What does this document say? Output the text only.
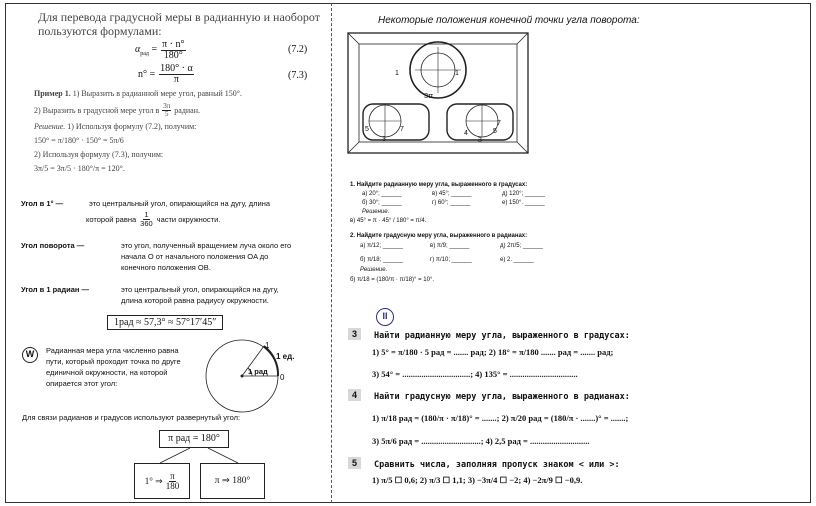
Для перевода градусной меры в радианную и наоборот
пользуются формулами:
$\alpha_{рад} = \frac{\pi \cdot n^\circ}{180^\circ}$	(7.2)
$n^\circ = \frac{180^\circ \cdot \alpha}{\pi}$	(7.3)
Пример 1. 1) Выразить в радианной мере угол, равный 150°.
2) Выразить в градусной мере угол в $\frac{3\pi}{5}$ радиан.
Решение. 1) Используя формулу (7.2), получим:
150° = π/180° · 150° = 5π/6
2) Используя формулу (7.3), получим:
3π/5 = 3π/5 · 180°/π = 120°.
Угол в 1° —	это центральный угол, опирающийся на дугу, длина
которой равна $\frac{1}{360}$ части окружности.
Угол поворота —	это угол, полученный вращением луча около его
начала O от начального положения OA до
конечного положения OB.
Угол в 1 радиан —	это центральный угол, опирающийся на дугу,
длина которой равна радиусу окружности.
1рад ≈ 57,3° ≈ 57°17′45″
W	Радианная мера угла численно равна
пути, который проходит точка по друге
единичной окружности, на которой
опирается этот угол:
1
1 ед.
1 рад
0
Для связи радианов и градусов используют развернутый угол:
π рад = 180°
1° ⇒ $\frac{\pi}{180}$	π ⇒ 180°
Некоторые положения конечной точки угла поворота:
3π
1	1
5	7
3
4
3
5
7
1. Найдите радианную меру угла, выраженного в градусах:
а) 20°; ______	в) 45°; ______	д) 120°; ______
б) 30°; ______	г) 60°; ______	е) 150°. ______
Решение.
в) 45° = π · 45° / 180° = π/4.
2. Найдите градусную меру угла, выраженного в радианах:
а) π/12; ______	в) π/9; ______	д) 2π/5; ______
б) π/18; ______	г) π/10; ______	е) 2. ______
Решение.
б) π/18 = (180/π · π/18)° = 10°.
II
3	Найти радианную меру угла, выраженного в градусах:
1) 5° = π/180 · 5 рад = ....... рад; 2) 18° = π/180 ....... рад = ....... рад;
3) 54° = ................................; 4) 135° = ................................
4	Найти градусную меру угла, выраженного в радианах:
1) π/18 рад = (180/π · π/18)° = .......; 2) π/20 рад = (180/π · .......)° = .......;
3) 5π/6 рад = ............................; 4) 2,5 рад = ............................
5	Сравнить числа, заполняя пропуск знаком < или >:
1) π/5 ☐ 0,6; 2) π/3 ☐ 1,1; 3) −3π/4 ☐ −2; 4) −2π/9 ☐ −0,9.
